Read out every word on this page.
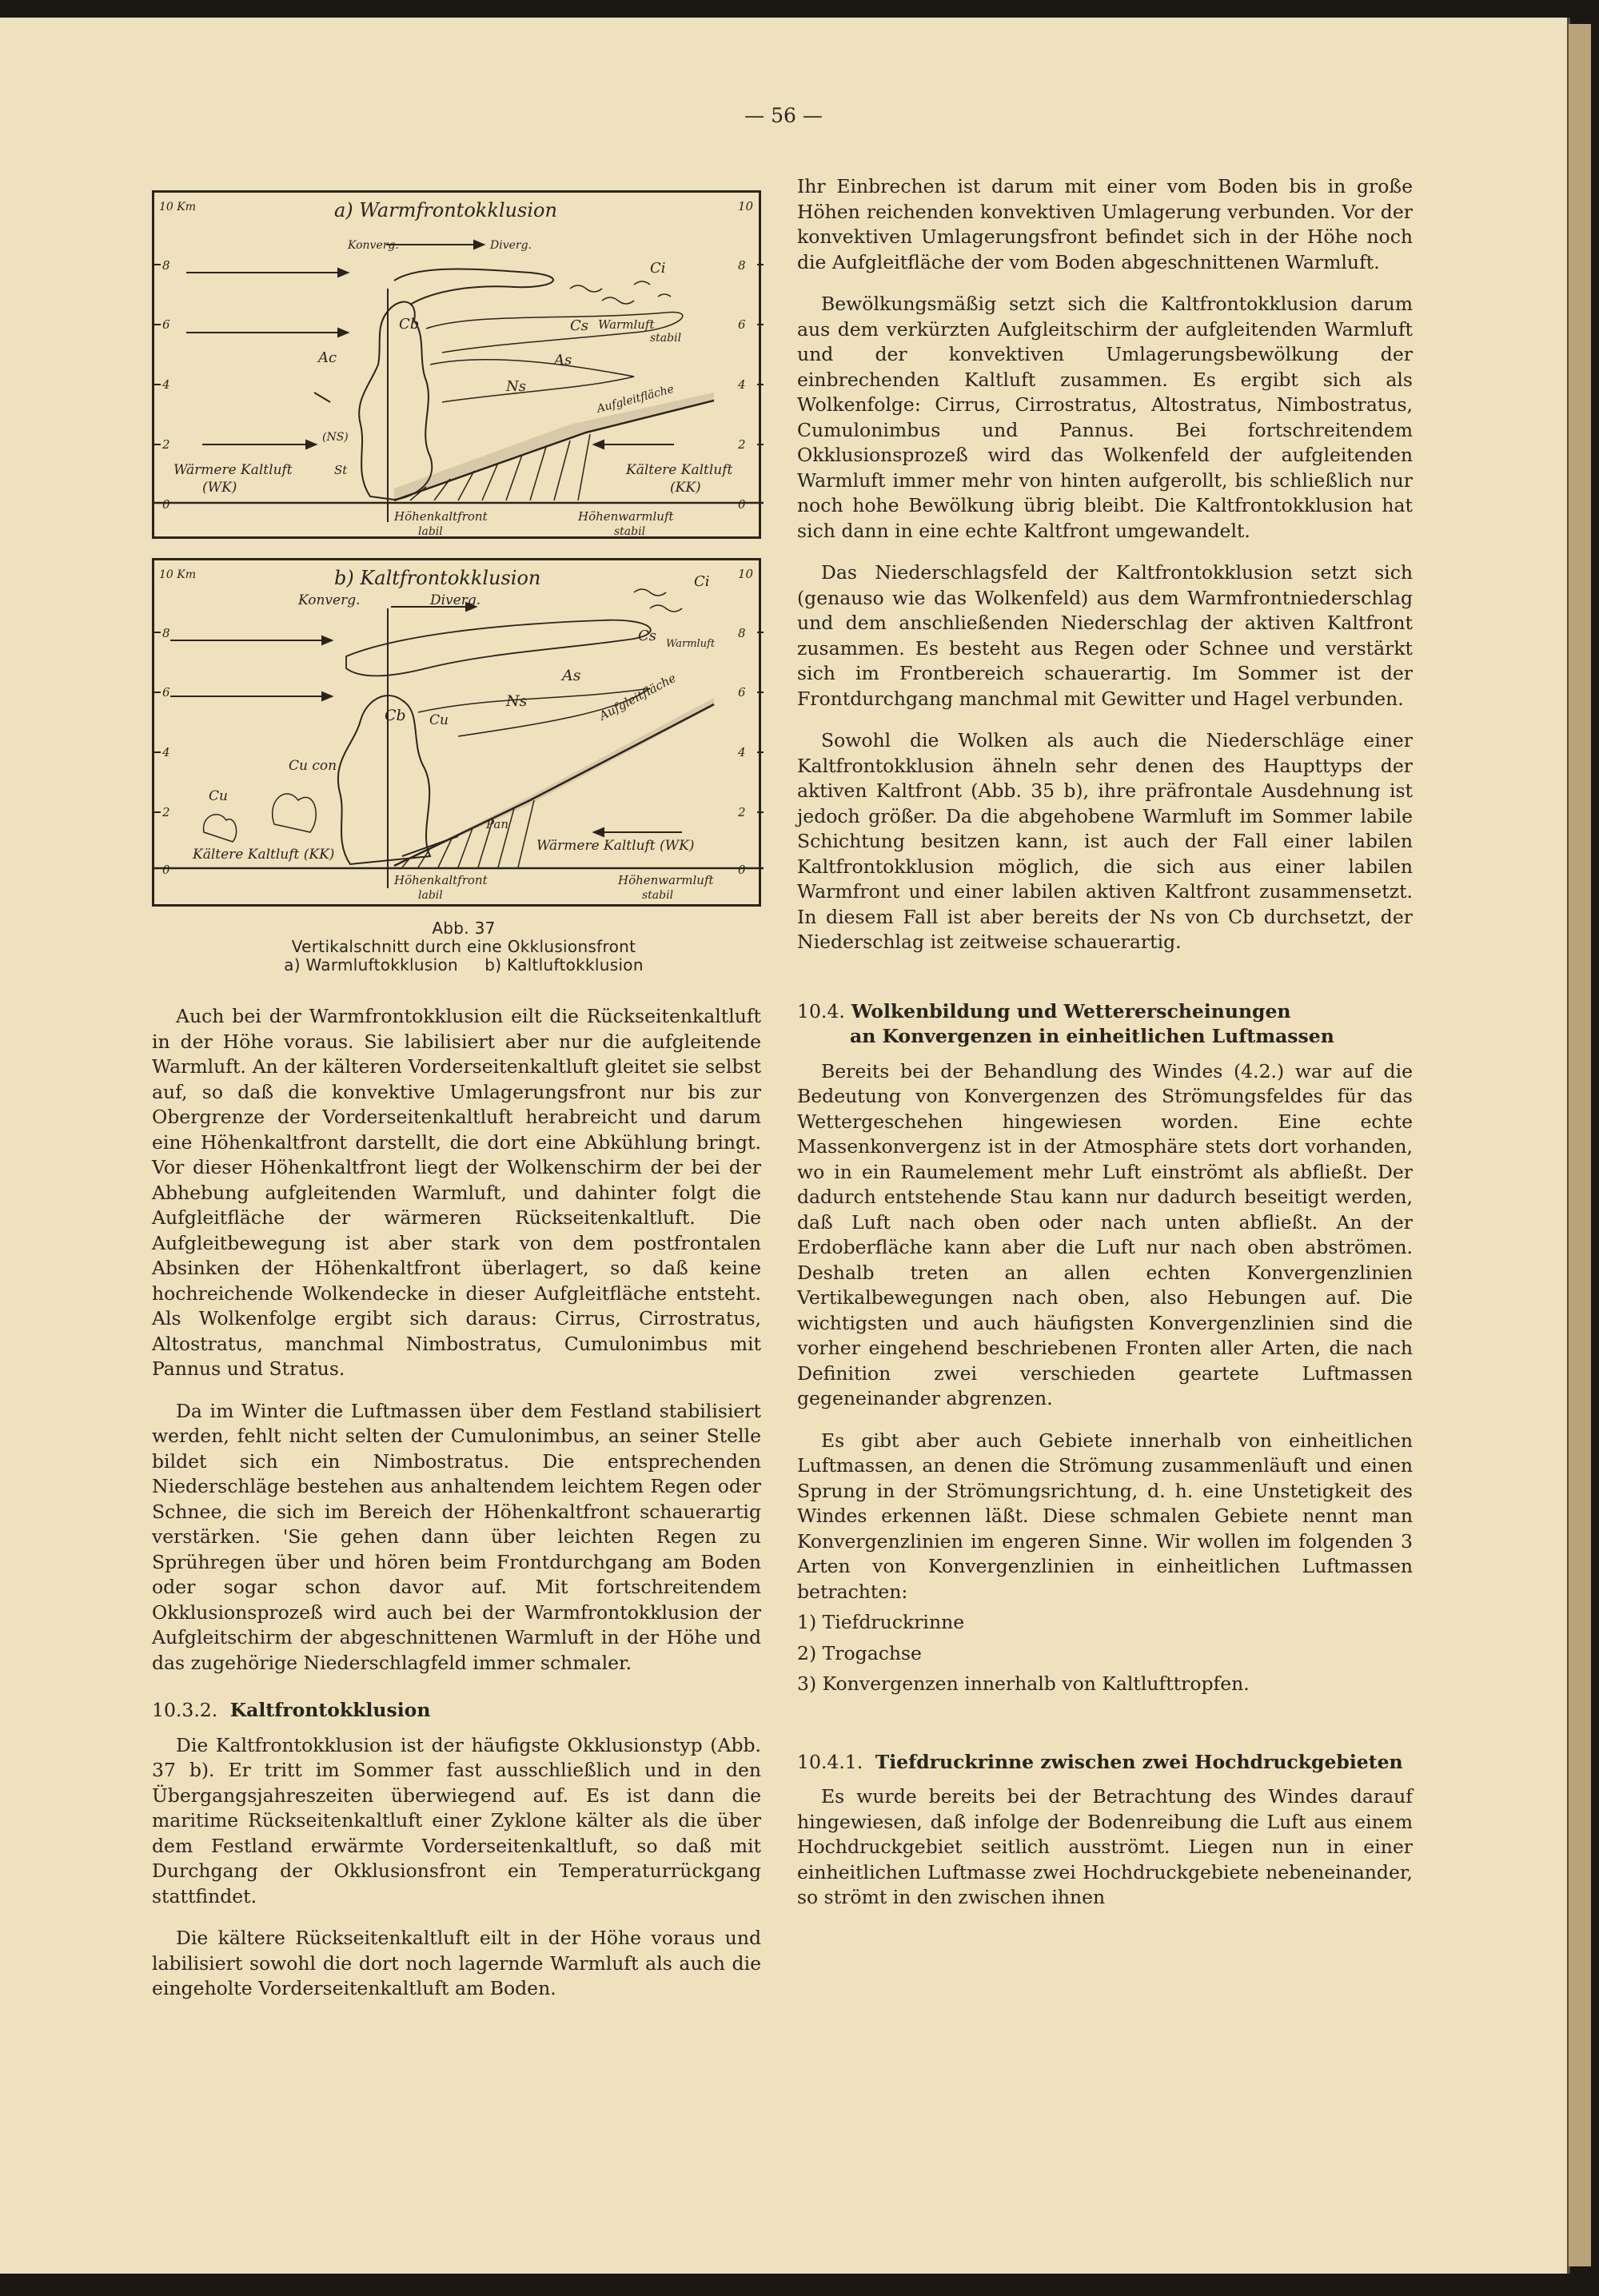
— 56 —
10 Km
8
6
4
2
0
10
8
6
4
2
0
a) Warmfrontokklusion
Konverg.	Diverg.
Ci
Cs Warmluft
stabil
Ac
Cb
As
Ns	Aufgleitfläche
(NS)
St
Wärmere Kaltluft
(WK)
Kältere Kaltluft
(KK)
Höhenkaltfront
labil
Höhenwarmluft
stabil
10 Km
8
6
4
2
0
10
8
6
4
2
0
b) Kaltfrontokklusion
Konverg.	Diverg.
Ci
Cs Warmluft
As
Ns	Aufgleitfläche
Cb Cu
Cu con
Cu
Pan
Kältere Kaltluft (KK)
Wärmere Kaltluft (WK)
Höhenkaltfront
labil
Höhenwarmluft
stabil
Abb. 37
Vertikalschnitt durch eine Okklusionsfront
a) Warmluftokklusion     b) Kaltluftokklusion

Auch bei der Warmfrontokklusion eilt die Rückseitenkaltluft in der Höhe voraus. Sie labilisiert aber nur die aufgleitende Warmluft. An der kälteren Vorderseitenkaltluft gleitet sie selbst auf, so daß die konvektive Umlagerungsfront nur bis zur Obergrenze der Vorderseitenkaltluft herabreicht und darum eine Höhenkaltfront darstellt, die dort eine Abkühlung bringt. Vor dieser Höhenkaltfront liegt der Wolkenschirm der bei der Abhebung aufgleitenden Warmluft, und dahinter folgt die Aufgleitfläche der wärmeren Rückseitenkaltluft. Die Aufgleitbewegung ist aber stark von dem postfrontalen Absinken der Höhenkaltfront überlagert, so daß keine hochreichende Wolkendecke in dieser Aufgleitfläche entsteht. Als Wolkenfolge ergibt sich daraus: Cirrus, Cirrostratus, Altostratus, manchmal Nimbostratus, Cumulonimbus mit Pannus und Stratus.

Da im Winter die Luftmassen über dem Festland stabilisiert werden, fehlt nicht selten der Cumulonimbus, an seiner Stelle bildet sich ein Nimbostratus. Die entsprechenden Niederschläge bestehen aus anhaltendem leichtem Regen oder Schnee, die sich im Bereich der Höhenkaltfront schauerartig verstärken. 'Sie gehen dann über leichten Regen zu Sprühregen über und hören beim Frontdurchgang am Boden oder sogar schon davor auf. Mit fortschreitendem Okklusionsprozeß wird auch bei der Warmfrontokklusion der Aufgleitschirm der abgeschnittenen Warmluft in der Höhe und das zugehörige Niederschlagfeld immer schmaler.

10.3.2. Kaltfrontokklusion

Die Kaltfrontokklusion ist der häufigste Okklusionstyp (Abb. 37 b). Er tritt im Sommer fast ausschließlich und in den Übergangsjahreszeiten überwiegend auf. Es ist dann die maritime Rückseitenkaltluft einer Zyklone kälter als die über dem Festland erwärmte Vorderseitenkaltluft, so daß mit Durchgang der Okklusionsfront ein Temperaturrückgang stattfindet.

Die kältere Rückseitenkaltluft eilt in der Höhe voraus und labilisiert sowohl die dort noch lagernde Warmluft als auch die eingeholte Vorderseitenkaltluft am Boden.

Ihr Einbrechen ist darum mit einer vom Boden bis in große Höhen reichenden konvektiven Umlagerung verbunden. Vor der konvektiven Umlagerungsfront befindet sich in der Höhe noch die Aufgleitfläche der vom Boden abgeschnittenen Warmluft.

Bewölkungsmäßig setzt sich die Kaltfrontokklusion darum aus dem verkürzten Aufgleitschirm der aufgleitenden Warmluft und der konvektiven Umlagerungsbewölkung der einbrechenden Kaltluft zusammen. Es ergibt sich als Wolkenfolge: Cirrus, Cirrostratus, Altostratus, Nimbostratus, Cumulonimbus und Pannus. Bei fortschreitendem Okklusionsprozeß wird das Wolkenfeld der aufgleitenden Warmluft immer mehr von hinten aufgerollt, bis schließlich nur noch hohe Bewölkung übrig bleibt. Die Kaltfrontokklusion hat sich dann in eine echte Kaltfront umgewandelt.

Das Niederschlagsfeld der Kaltfrontokklusion setzt sich (genauso wie das Wolkenfeld) aus dem Warmfrontniederschlag und dem anschließenden Niederschlag der aktiven Kaltfront zusammen. Es besteht aus Regen oder Schnee und verstärkt sich im Frontbereich schauerartig. Im Sommer ist der Frontdurchgang manchmal mit Gewitter und Hagel verbunden.

Sowohl die Wolken als auch die Niederschläge einer Kaltfrontokklusion ähneln sehr denen des Haupttyps der aktiven Kaltfront (Abb. 35 b), ihre präfrontale Ausdehnung ist jedoch größer. Da die abgehobene Warmluft im Sommer labile Schichtung besitzen kann, ist auch der Fall einer labilen Kaltfrontokklusion möglich, die sich aus einer labilen Warmfront und einer labilen aktiven Kaltfront zusammensetzt. In diesem Fall ist aber bereits der Ns von Cb durchsetzt, der Niederschlag ist zeitweise schauerartig.

10.4. Wolkenbildung und Wettererscheinungen
an Konvergenzen in einheitlichen Luftmassen

Bereits bei der Behandlung des Windes (4.2.) war auf die Bedeutung von Konvergenzen des Strömungsfeldes für das Wettergeschehen hingewiesen worden. Eine echte Massenkonvergenz ist in der Atmosphäre stets dort vorhanden, wo in ein Raumelement mehr Luft einströmt als abfließt. Der dadurch entstehende Stau kann nur dadurch beseitigt werden, daß Luft nach oben oder nach unten abfließt. An der Erdoberfläche kann aber die Luft nur nach oben abströmen. Deshalb treten an allen echten Konvergenzlinien Vertikalbewegungen nach oben, also Hebungen auf. Die wichtigsten und auch häufigsten Konvergenzlinien sind die vorher eingehend beschriebenen Fronten aller Arten, die nach Definition zwei verschieden geartete Luftmassen gegeneinander abgrenzen.

Es gibt aber auch Gebiete innerhalb von einheitlichen Luftmassen, an denen die Strömung zusammenläuft und einen Sprung in der Strömungsrichtung, d. h. eine Unstetigkeit des Windes erkennen läßt. Diese schmalen Gebiete nennt man Konvergenzlinien im engeren Sinne. Wir wollen im folgenden 3 Arten von Konvergenzlinien in einheitlichen Luftmassen betrachten:

1) Tiefdruckrinne
2) Trogachse
3) Konvergenzen innerhalb von Kaltlufttropfen.
10.4.1. Tiefdruckrinne zwischen zwei Hochdruckgebieten

Es wurde bereits bei der Betrachtung des Windes darauf hingewiesen, daß infolge der Bodenreibung die Luft aus einem Hochdruckgebiet seitlich ausströmt. Liegen nun in einer einheitlichen Luftmasse zwei Hochdruckgebiete nebeneinander, so strömt in den zwischen ihnen
